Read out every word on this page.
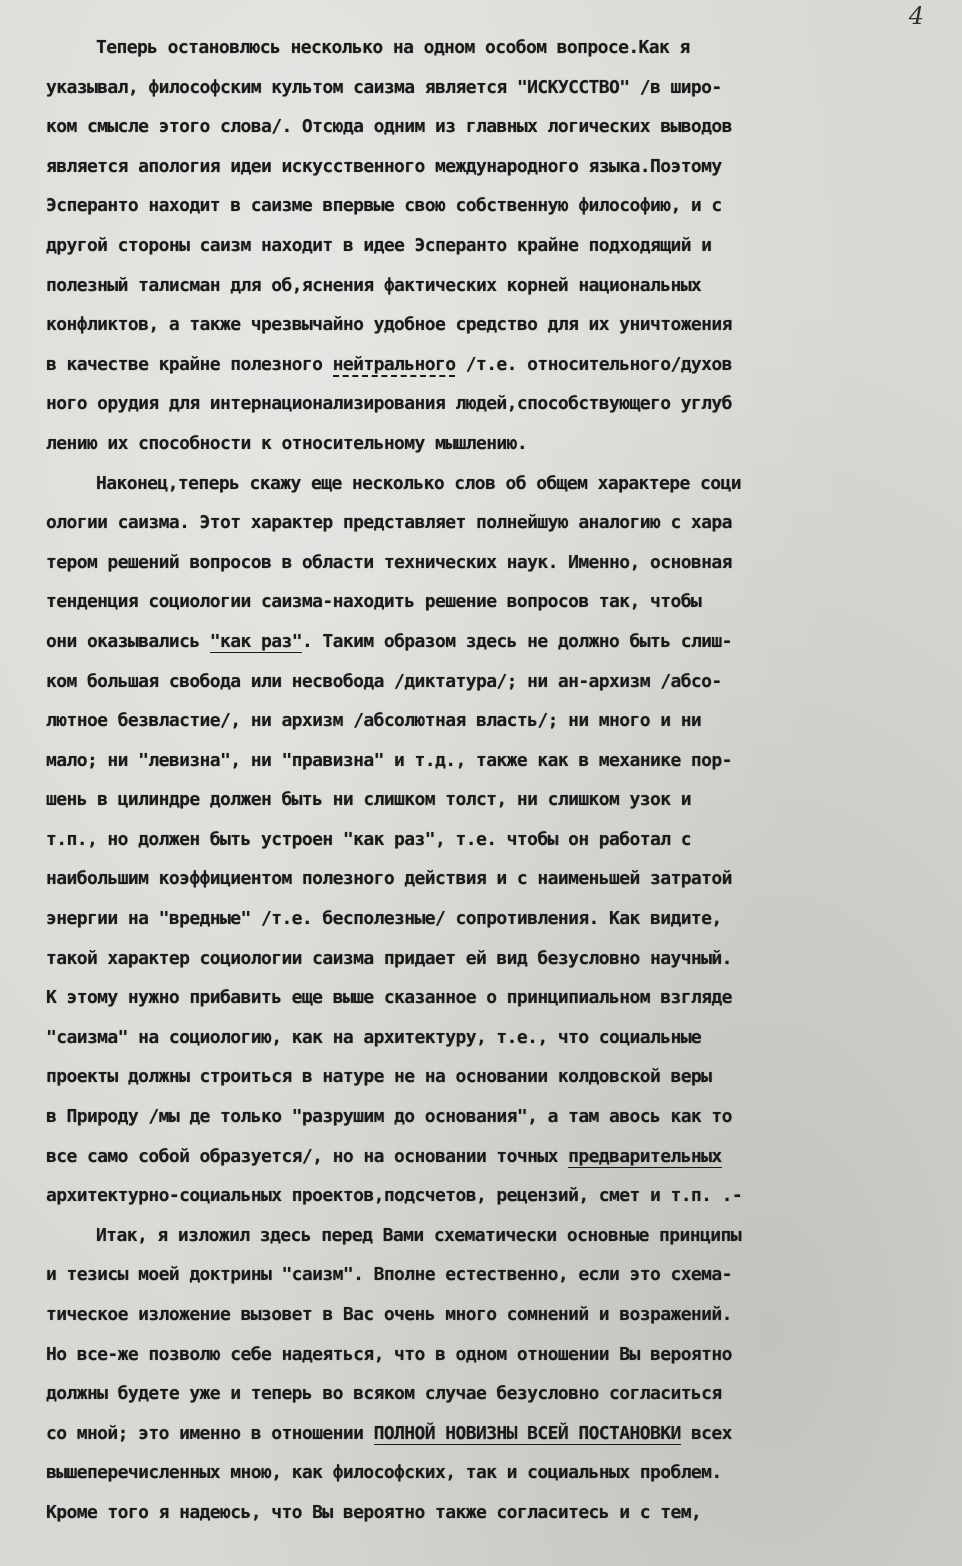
4
Теперь остановлюсь несколько на одном особом вопросе.Как я
указывал, философским культом саизма является "ИСКУССТВО" /в широ-
ком смысле этого слова/. Отсюда одним из главных логических выводов
является апология идеи искусственного международного языка.Поэтому
Эсперанто находит в саизме впервые свою собственную философию, и с
другой стороны саизм находит в идее Эсперанто крайне подходящий и
полезный талисман для об,яснения фактических корней национальных
конфликтов, а также чрезвычайно удобное средство для их уничтожения
в качестве крайне полезного нейтрального /т.е. относительного/духов
ного орудия для интернационализирования людей,способствующего углуб
лению их способности к относительному мышлению.
Наконец,теперь скажу еще несколько слов об общем характере соци
ологии саизма. Этот характер представляет полнейшую аналогию с хара
тером решений вопросов в области технических наук. Именно, основная
тенденция социологии саизма-находить решение вопросов так, чтобы
они оказывались "как раз". Таким образом здесь не должно быть слиш-
ком большая свобода или несвобода /диктатура/; ни ан-архизм /абсо-
лютное безвластие/, ни архизм /абсолютная власть/; ни много и ни
мало; ни "левизна", ни "правизна" и т.д., также как в механике пор-
шень в цилиндре должен быть ни слишком толст, ни слишком узок и
т.п., но должен быть устроен "как раз", т.е. чтобы он работал с
наибольшим коэффициентом полезного действия и с наименьшей затратой
энергии на "вредные" /т.е. бесполезные/ сопротивления. Как видите,
такой характер социологии саизма придает ей вид безусловно научный.
К этому нужно прибавить еще выше сказанное о принципиальном взгляде
"саизма" на социологию, как на архитектуру, т.е., что социальные
проекты должны строиться в натуре не на основании колдовской веры
в Природу /мы де только "разрушим до основания", а там авось как то
все само собой образуется/, но на основании точных предварительных
архитектурно-социальных проектов,подсчетов, рецензий, смет и т.п. .-
Итак, я изложил здесь перед Вами схематически основные принципы
и тезисы моей доктрины "саизм". Вполне естественно, если это схема-
тическое изложение вызовет в Вас очень много сомнений и возражений.
Но все-же позволю себе надеяться, что в одном отношении Вы вероятно
должны будете уже и теперь во всяком случае безусловно согласиться
со мной; это именно в отношении ПОЛНОЙ НОВИЗНЫ ВСЕЙ ПОСТАНОВКИ всех
вышеперечисленных мною, как философских, так и социальных проблем.
Кроме того я надеюсь, что Вы вероятно также согласитесь и с тем,
